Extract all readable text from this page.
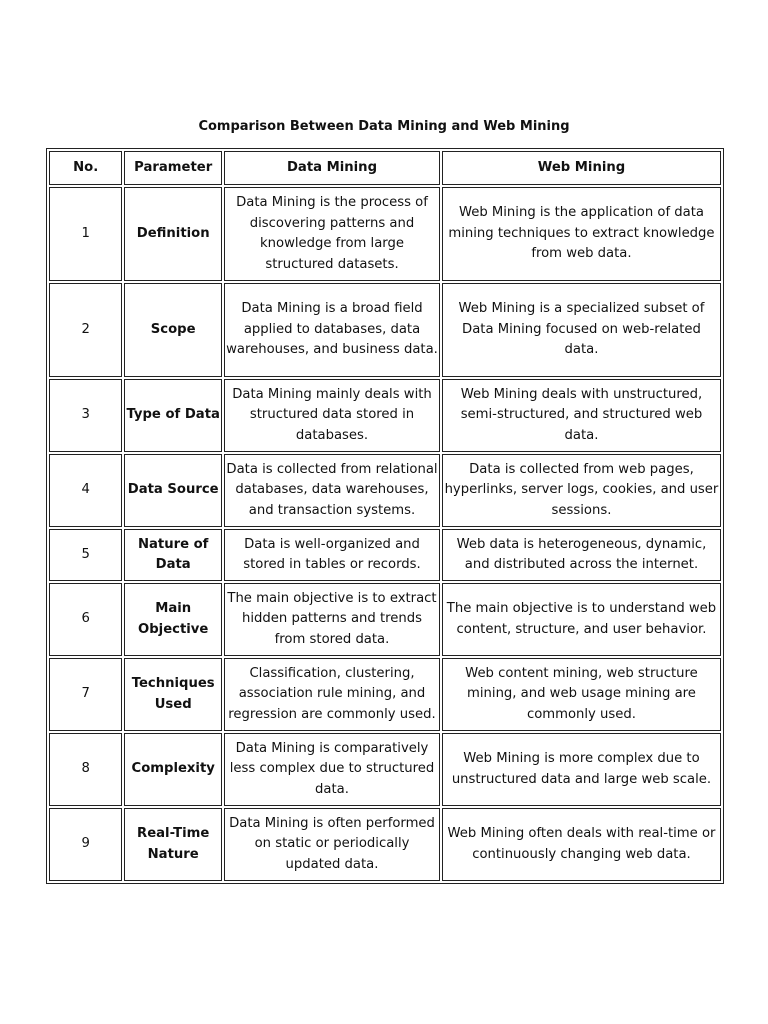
Comparison Between Data Mining and Web Mining
No.	Parameter	Data Mining	Web Mining
1	Definition	Data Mining is the process of discovering patterns and knowledge from large structured datasets.	Web Mining is the application of data mining techniques to extract knowledge from web data.
2	Scope	Data Mining is a broad field applied to databases, data warehouses, and business data.	Web Mining is a specialized subset of Data Mining focused on web-related data.
3	Type of Data	Data Mining mainly deals with structured data stored in databases.	Web Mining deals with unstructured, semi-structured, and structured web data.
4	Data Source	Data is collected from relational databases, data warehouses, and transaction systems.	Data is collected from web pages, hyperlinks, server logs, cookies, and user sessions.
5	Nature of Data	Data is well-organized and stored in tables or records.	Web data is heterogeneous, dynamic, and distributed across the internet.
6	Main Objective	The main objective is to extract hidden patterns and trends from stored data.	The main objective is to understand web content, structure, and user behavior.
7	Techniques Used	Classification, clustering, association rule mining, and regression are commonly used.	Web content mining, web structure mining, and web usage mining are commonly used.
8	Complexity	Data Mining is comparatively less complex due to structured data.	Web Mining is more complex due to unstructured data and large web scale.
9	Real-Time Nature	Data Mining is often performed on static or periodically updated data.	Web Mining often deals with real-time or continuously changing web data.
